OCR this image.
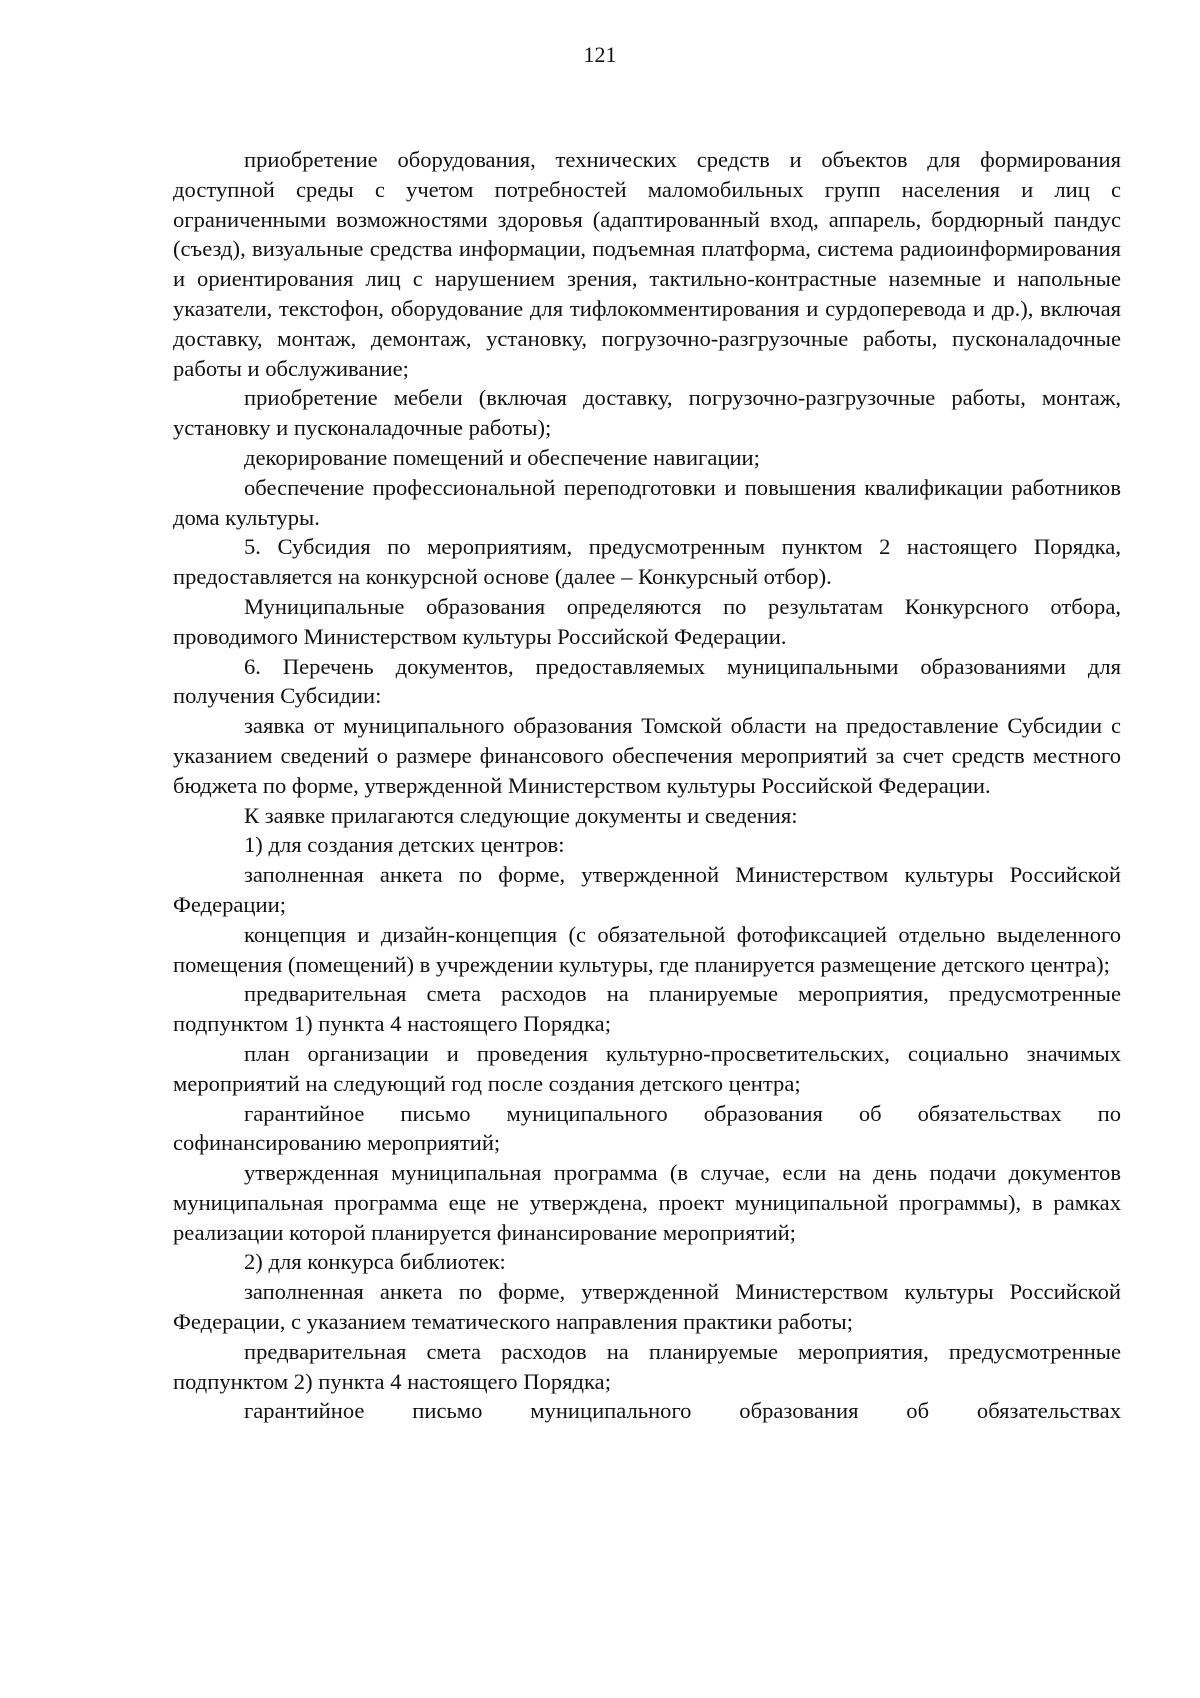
121

приобретение оборудования, технических средств и объектов для формирования доступной среды с учетом потребностей маломобильных групп населения и лиц с ограниченными возможностями здоровья (адаптированный вход, аппарель, бордюрный пандус (съезд), визуальные средства информации, подъемная платформа, система радиоинформирования и ориентирования лиц с нарушением зрения, тактильно-контрастные наземные и напольные указатели, текстофон, оборудование для тифлокомментирования и сурдоперевода и др.), включая доставку, монтаж, демонтаж, установку, погрузочно-разгрузочные работы, пусконаладочные работы и обслуживание;

приобретение мебели (включая доставку, погрузочно-разгрузочные работы, монтаж, установку и пусконаладочные работы);

декорирование помещений и обеспечение навигации;

обеспечение профессиональной переподготовки и повышения квалификации работников дома культуры.

5. Субсидия по мероприятиям, предусмотренным пунктом 2 настоящего Порядка, предоставляется на конкурсной основе (далее – Конкурсный отбор).

Муниципальные образования определяются по результатам Конкурсного отбора, проводимого Министерством культуры Российской Федерации.

6. Перечень документов, предоставляемых муниципальными образованиями для получения Субсидии:

заявка от муниципального образования Томской области на предоставление Субсидии с указанием сведений о размере финансового обеспечения мероприятий за счет средств местного бюджета по форме, утвержденной Министерством культуры Российской Федерации.

К заявке прилагаются следующие документы и сведения:

1) для создания детских центров:

заполненная анкета по форме, утвержденной Министерством культуры Российской Федерации;

концепция и дизайн-концепция (с обязательной фотофиксацией отдельно выделенного помещения (помещений) в учреждении культуры, где планируется размещение детского центра);

предварительная смета расходов на планируемые мероприятия, предусмотренные подпунктом 1) пункта 4 настоящего Порядка;

план организации и проведения культурно-просветительских, социально значимых мероприятий на следующий год после создания детского центра;

гарантийное письмо муниципального образования об обязательствах по софинансированию мероприятий;

утвержденная муниципальная программа (в случае, если на день подачи документов муниципальная программа еще не утверждена, проект муниципальной программы), в рамках реализации которой планируется финансирование мероприятий;

2) для конкурса библиотек:

заполненная анкета по форме, утвержденной Министерством культуры Российской Федерации, с указанием тематического направления практики работы;

предварительная смета расходов на планируемые мероприятия, предусмотренные подпунктом 2) пункта 4 настоящего Порядка;

гарантийное письмо муниципального образования об обязательствах
